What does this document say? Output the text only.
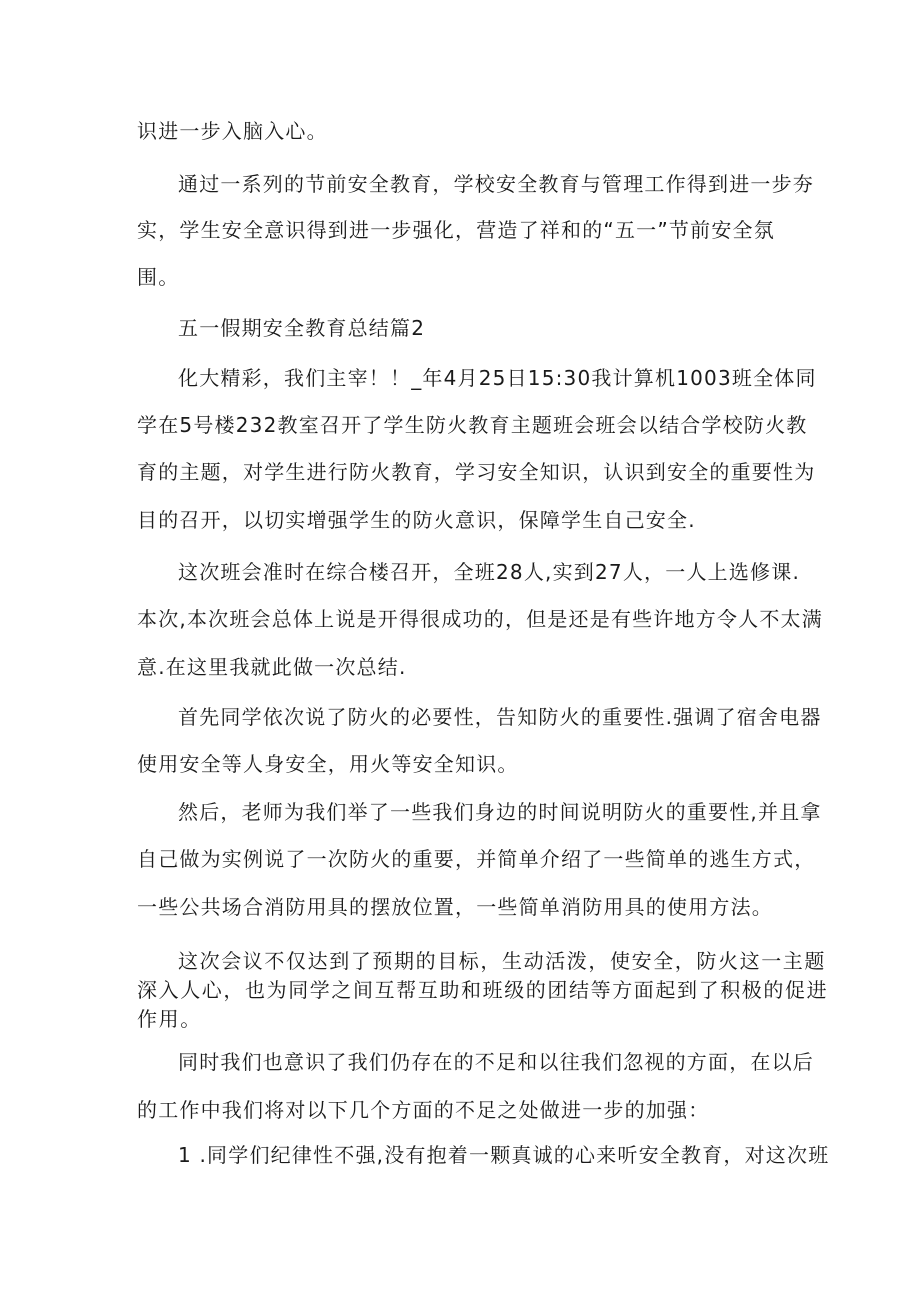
识进一步入脑入心。
通过一系列的节前安全教育，学校安全教育与管理工作得到进一步夯
实，学生安全意识得到进一步强化，营造了祥和的“五一”节前安全氛
围。
五一假期安全教育总结篇2
化大精彩，我们主宰！！_年4月25日15:30我计算机1003班全体同
学在5号楼232教室召开了学生防火教育主题班会班会以结合学校防火教
育的主题，对学生进行防火教育，学习安全知识，认识到安全的重要性为
目的召开，以切实增强学生的防火意识，保障学生自己安全.
这次班会准时在综合楼召开，全班28人,实到27人，一人上选修课.
本次,本次班会总体上说是开得很成功的，但是还是有些许地方令人不太满
意.在这里我就此做一次总结.
首先同学依次说了防火的必要性，告知防火的重要性.强调了宿舍电器
使用安全等人身安全，用火等安全知识。
然后，老师为我们举了一些我们身边的时间说明防火的重要性,并且拿
自己做为实例说了一次防火的重要，并简单介绍了一些简单的逃生方式，
一些公共场合消防用具的摆放位置，一些简单消防用具的使用方法。
这次会议不仅达到了预期的目标，生动活泼，使安全，防火这一主题
深入人心，也为同学之间互帮互助和班级的团结等方面起到了积极的促进
作用。
同时我们也意识了我们仍存在的不足和以往我们忽视的方面，在以后
的工作中我们将对以下几个方面的不足之处做进一步的加强：
1 .同学们纪律性不强,没有抱着一颗真诚的心来听安全教育，对这次班
